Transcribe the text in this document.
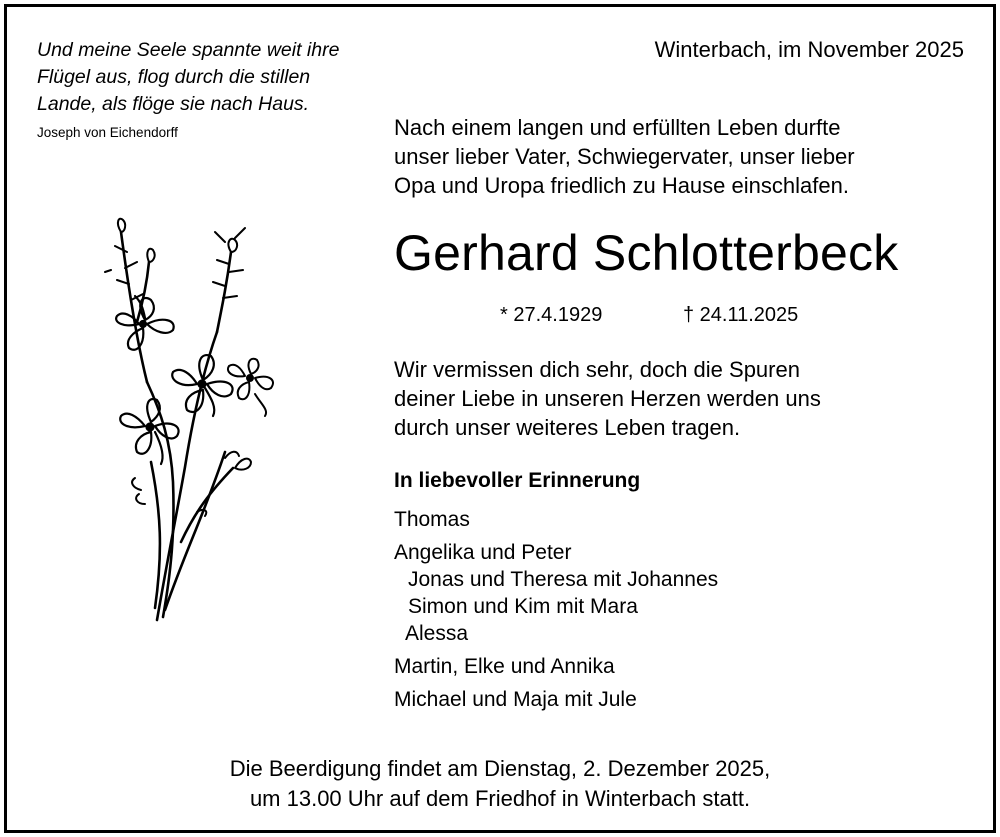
Und meine Seele spannte weit ihre
Flügel aus, flog durch die stillen
Lande, als flöge sie nach Haus.
Joseph von Eichendorff
Winterbach, im November 2025
Nach einem langen und erfüllten Leben durfte
unser lieber Vater, Schwiegervater, unser lieber
Opa und Uropa friedlich zu Hause einschlafen.
Gerhard Schlotterbeck
* 27.4.1929	† 24.11.2025
Wir vermissen dich sehr, doch die Spuren
deiner Liebe in unseren Herzen werden uns
durch unser weiteres Leben tragen.
In liebevoller Erinnerung
Thomas
Angelika und Peter
Jonas und Theresa mit Johannes
Simon und Kim mit Mara
Alessa
Martin, Elke und Annika
Michael und Maja mit Jule
Die Beerdigung findet am Dienstag, 2. Dezember 2025,
um 13.00 Uhr auf dem Friedhof in Winterbach statt.
